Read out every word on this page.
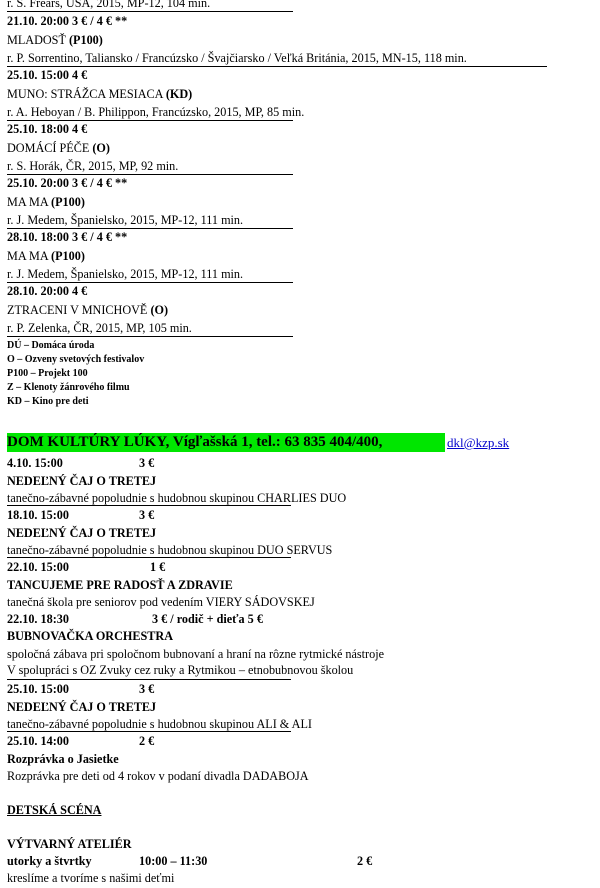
r. S. Frears, USA, 2015, MP-12, 104 min.
21.10. 20:00 3 € / 4 € **
MLADOSŤ (P100)
r. P. Sorrentino, Taliansko / Francúzsko / Švajčiarsko / Veľká Británia, 2015, MN-15, 118 min.
25.10. 15:00 4 €
MUNO: STRÁŽCA MESIACA (KD)
r. A. Heboyan / B. Philippon, Francúzsko, 2015, MP, 85 min.
25.10. 18:00 4 €
DOMÁCÍ PÉČE (O)
r. S. Horák, ČR, 2015, MP, 92 min.
25.10. 20:00 3 € / 4 € **
MA MA (P100)
r. J. Medem, Španielsko, 2015, MP-12, 111 min.
28.10. 18:00 3 € / 4 € **
MA MA (P100)
r. J. Medem, Španielsko, 2015, MP-12, 111 min.
28.10. 20:00 4 €
ZTRACENI V MNICHOVĚ (O)
r. P. Zelenka, ČR, 2015, MP, 105 min.
DÚ – Domáca úroda
O – Ozveny svetových festivalov
P100 – Projekt 100
Z – Klenoty žánrového filmu
KD – Kino pre deti
DOM KULTÚRY LÚKY, Vígľašská 1, tel.: 63 835 404/400,	dkl@kzp.sk
4.10. 15:00	3 €
NEDEĽNÝ ČAJ O TRETEJ
tanečno-zábavné popoludnie s hudobnou skupinou CHARLIES DUO
18.10. 15:00	3 €
NEDEĽNÝ ČAJ O TRETEJ
tanečno-zábavné popoludnie s hudobnou skupinou DUO SERVUS
22.10. 15:00	1 €
TANCUJEME PRE RADOSŤ A ZDRAVIE
tanečná škola pre seniorov pod vedením VIERY SÁDOVSKEJ
22.10. 18:30	3 € / rodič + dieťa 5 €
BUBNOVAČKA ORCHESTRA
spoločná zábava pri spoločnom bubnovaní a hraní na rôzne rytmické nástroje
V spolupráci s OZ Zvuky cez ruky a Rytmikou – etnobubnovou školou
25.10. 15:00	3 €
NEDEĽNÝ ČAJ O TRETEJ
tanečno-zábavné popoludnie s hudobnou skupinou ALI & ALI
25.10. 14:00	2 €
Rozprávka o Jasietke
Rozprávka pre deti od 4 rokov v podaní divadla DADABOJA
DETSKÁ SCÉNA
VÝTVARNÝ ATELIÉR
utorky a štvrtky	10:00 – 11:30	2 €
kreslíme a tvoríme s našimi deťmi
